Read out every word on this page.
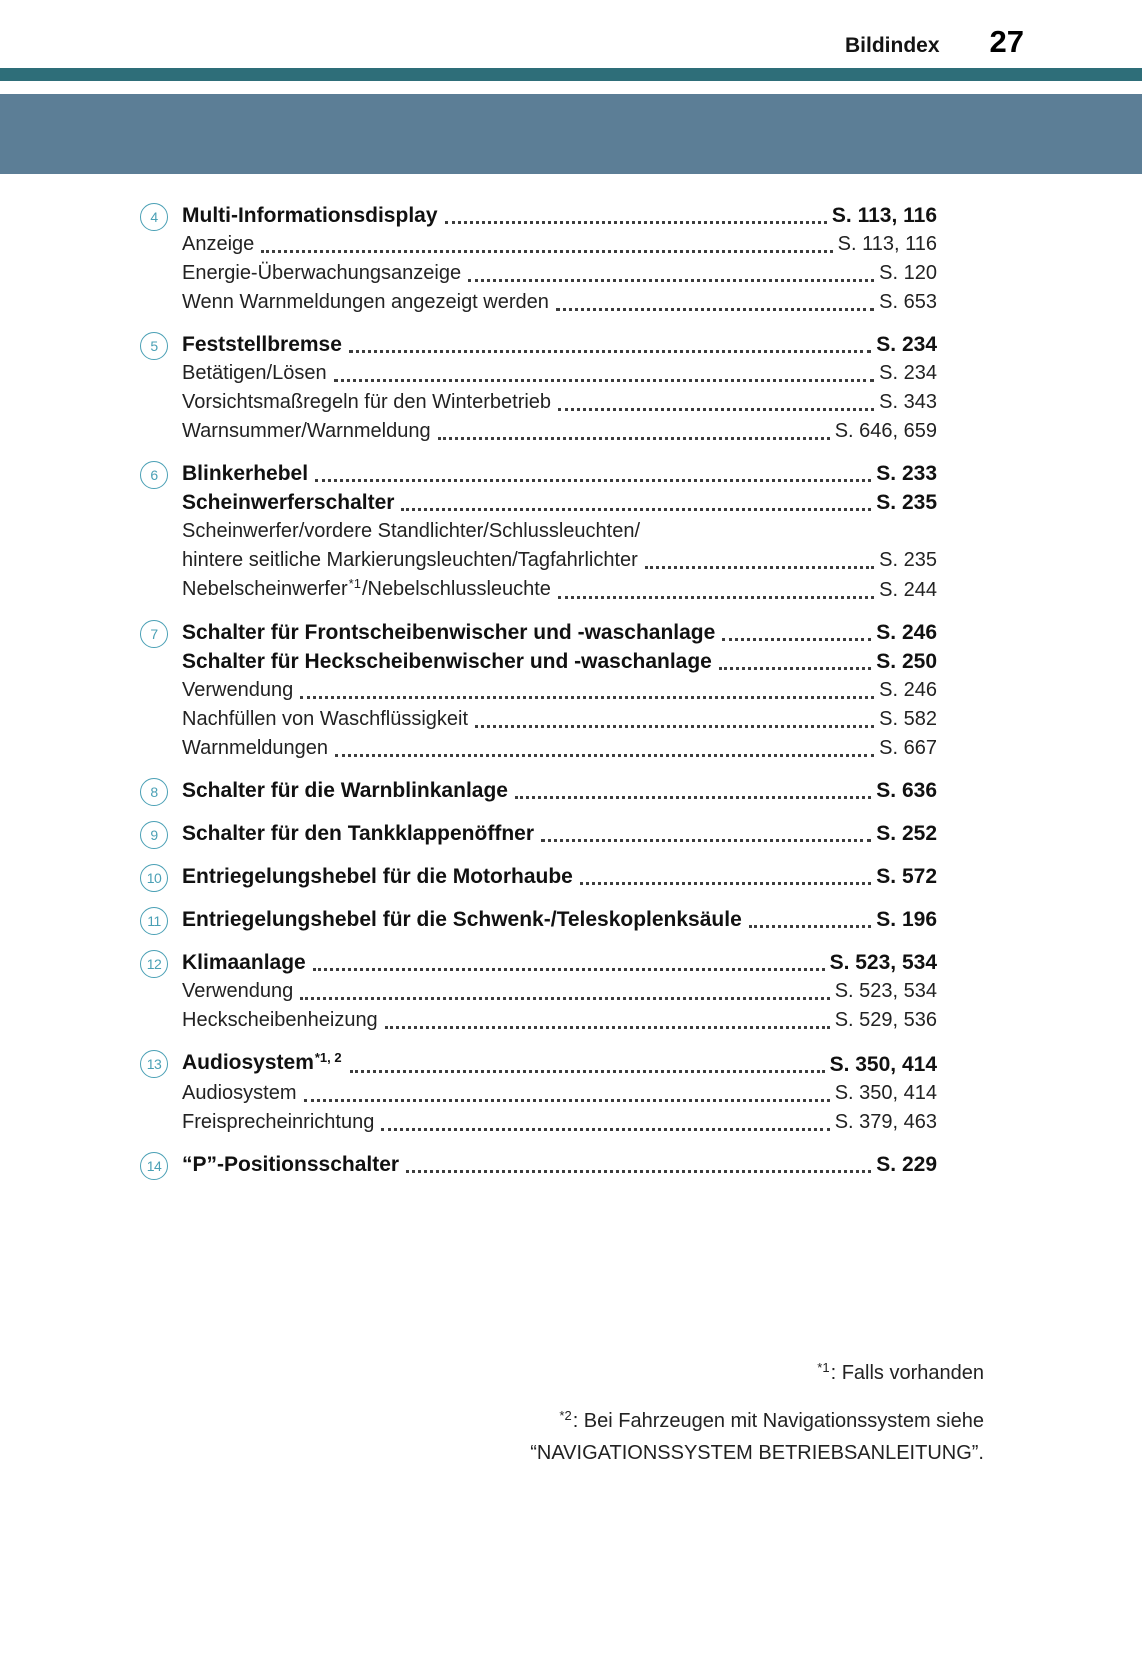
Bildindex 27
4 Multi-Informationsdisplay	S. 113, 116
Anzeige	S. 113, 116
Energie-Überwachungsanzeige	S. 120
Wenn Warnmeldungen angezeigt werden	S. 653
5 Feststellbremse	S. 234
Betätigen/Lösen	S. 234
Vorsichtsmaßregeln für den Winterbetrieb	S. 343
Warnsummer/Warnmeldung	S. 646, 659
6 Blinkerhebel	S. 233
Scheinwerferschalter	S. 235
Scheinwerfer/vordere Standlichter/Schlussleuchten/
hintere seitliche Markierungsleuchten/Tagfahrlichter	S. 235
Nebelscheinwerfer$^{*1}$/Nebelschlussleuchte	S. 244
7 Schalter für Frontscheibenwischer und -waschanlage	S. 246
Schalter für Heckscheibenwischer und -waschanlage	S. 250
Verwendung	S. 246
Nachfüllen von Waschflüssigkeit	S. 582
Warnmeldungen	S. 667
8 Schalter für die Warnblinkanlage	S. 636
9 Schalter für den Tankklappenöffner	S. 252
10 Entriegelungshebel für die Motorhaube	S. 572
11 Entriegelungshebel für die Schwenk-/Teleskoplenksäule	S. 196
12 Klimaanlage	S. 523, 534
Verwendung	S. 523, 534
Heckscheibenheizung	S. 529, 536
13 Audiosystem$^{*1, 2}$	S. 350, 414
Audiosystem	S. 350, 414
Freisprecheinrichtung	S. 379, 463
14 “P”-Positionsschalter	S. 229
$^{*1}$: Falls vorhanden
$^{*2}$: Bei Fahrzeugen mit Navigationssystem siehe
“NAVIGATIONSSYSTEM BETRIEBSANLEITUNG”.
